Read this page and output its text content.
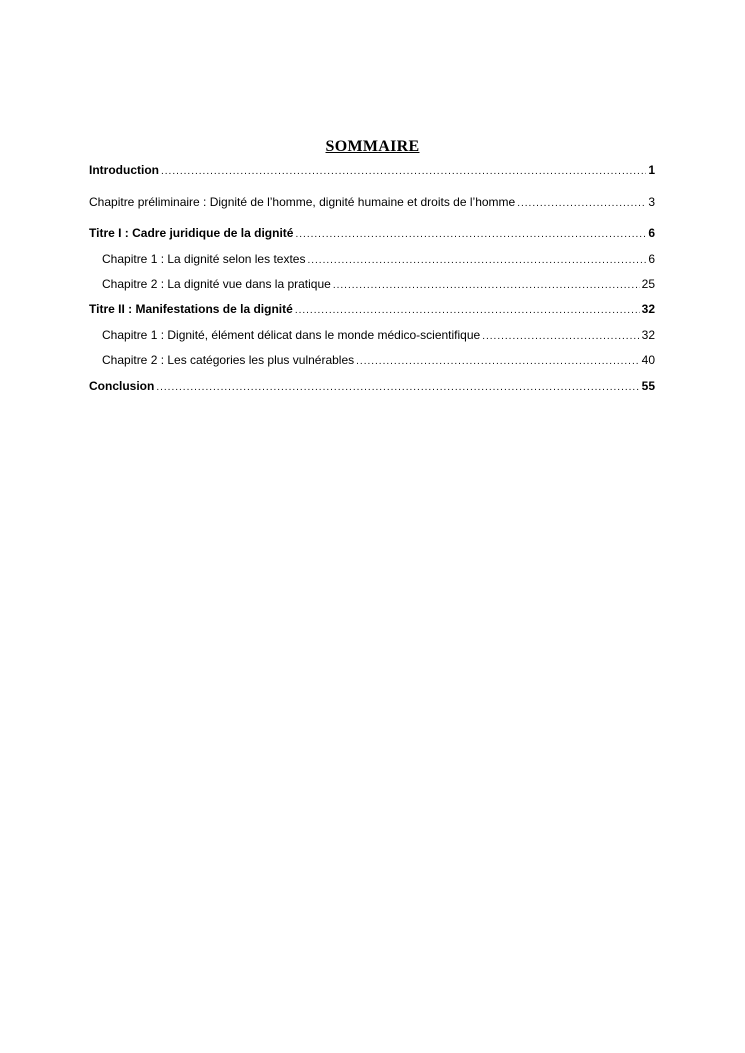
SOMMAIRE
Introduction .....	1
Chapitre préliminaire : Dignité de l’homme, dignité humaine et droits de l’homme .....	3
Titre I : Cadre juridique de la dignité .....	6
Chapitre 1 : La dignité selon les textes .....	6
Chapitre 2 : La dignité vue dans la pratique .....	25
Titre II : Manifestations de la dignité .....	32
Chapitre 1 : Dignité, élément délicat dans le monde médico-scientifique .....	32
Chapitre 2 : Les catégories les plus vulnérables .....	40
Conclusion .....	55
